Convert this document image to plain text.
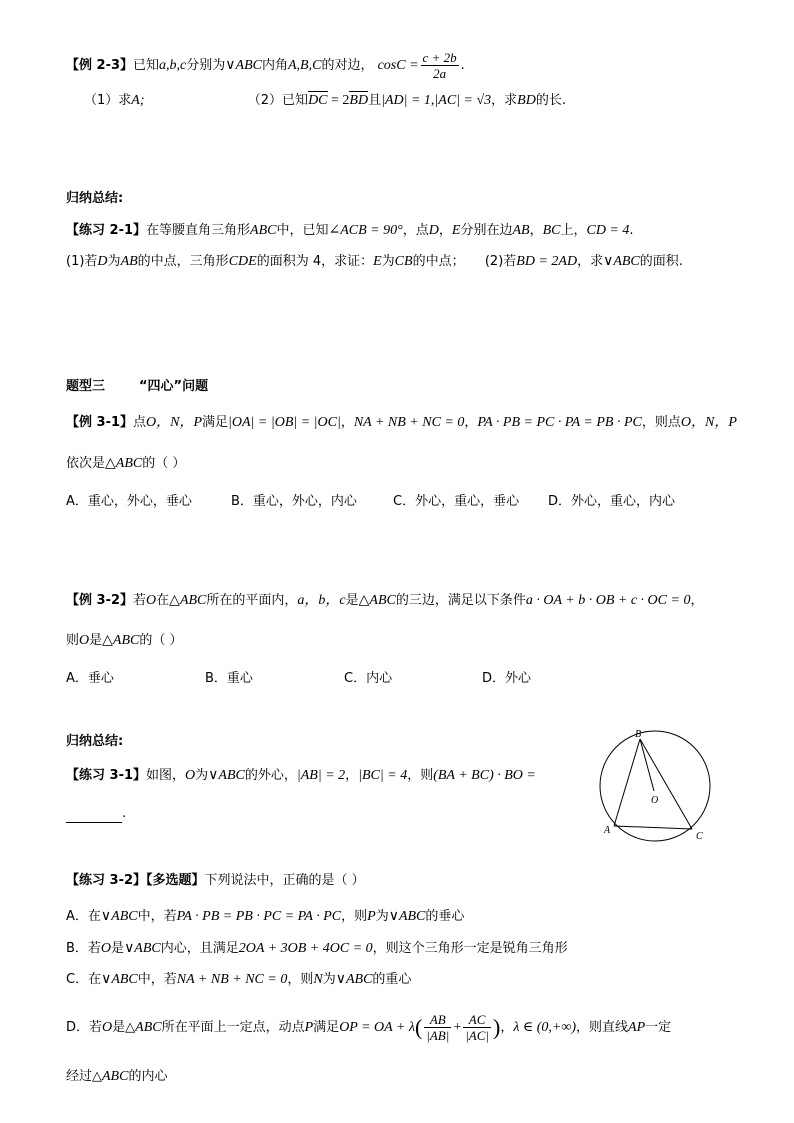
【例 2-3】已知a,b,c分别为∨ABC内角A,B,C的对边， $\cos C = \frac{c + 2b}{2a}$ .
（1）求A;	（2）已知DC = 2BD且|AD| = 1,|AC| = √3，求BD的长.
归纳总结:
【练习 2-1】在等腰直角三角形ABC中，已知∠ACB = 90°，点D，E分别在边AB，BC上，CD = 4.
(1)若D为AB的中点，三角形CDE的面积为 4，求证：E为CB的中点； (2)若BD = 2AD，求∨ABC的面积.
题型三	“四心”问题
【例 3-1】点O，N，P满足|OA| = |OB| = |OC|，NA + NB + NC = 0，PA · PB = PC · PA = PB · PC，则点O，N，P
依次是△ABC的（ ）
A．重心，外心，垂心	B．重心，外心，内心	C．外心，重心，垂心 D．外心，重心，内心
【例 3-2】若O在△ABC所在的平面内，a，b，c是△ABC的三边，满足以下条件a · OA + b · OB + c · OC = 0，
则O是△ABC的（ ）
A．垂心	B．重心	C．内心	D．外心
归纳总结:
【练习 3-1】如图，O为∨ABC的外心，|AB| = 2，|BC| = 4，则(BA + BC) · BO =
.
B
O
A
C
【练习 3-2】【多选题】下列说法中，正确的是（ ）
A．在∨ABC中，若PA · PB = PB · PC = PA · PC，则P为∨ABC的垂心
B．若O是∨ABC内心，且满足2OA + 3OB + 4OC = 0，则这个三角形一定是锐角三角形
C．在∨ABC中，若NA + NB + NC = 0，则N为∨ABC的重心
D．若O是△ABC所在平面上一定点，动点P满足OP = OA + $\lambda( \frac{AB}{|AB|} + \frac{AC}{|AC|}$ )，λ ∈ (0,+∞)，则直线AP一定
经过△ABC的内心
